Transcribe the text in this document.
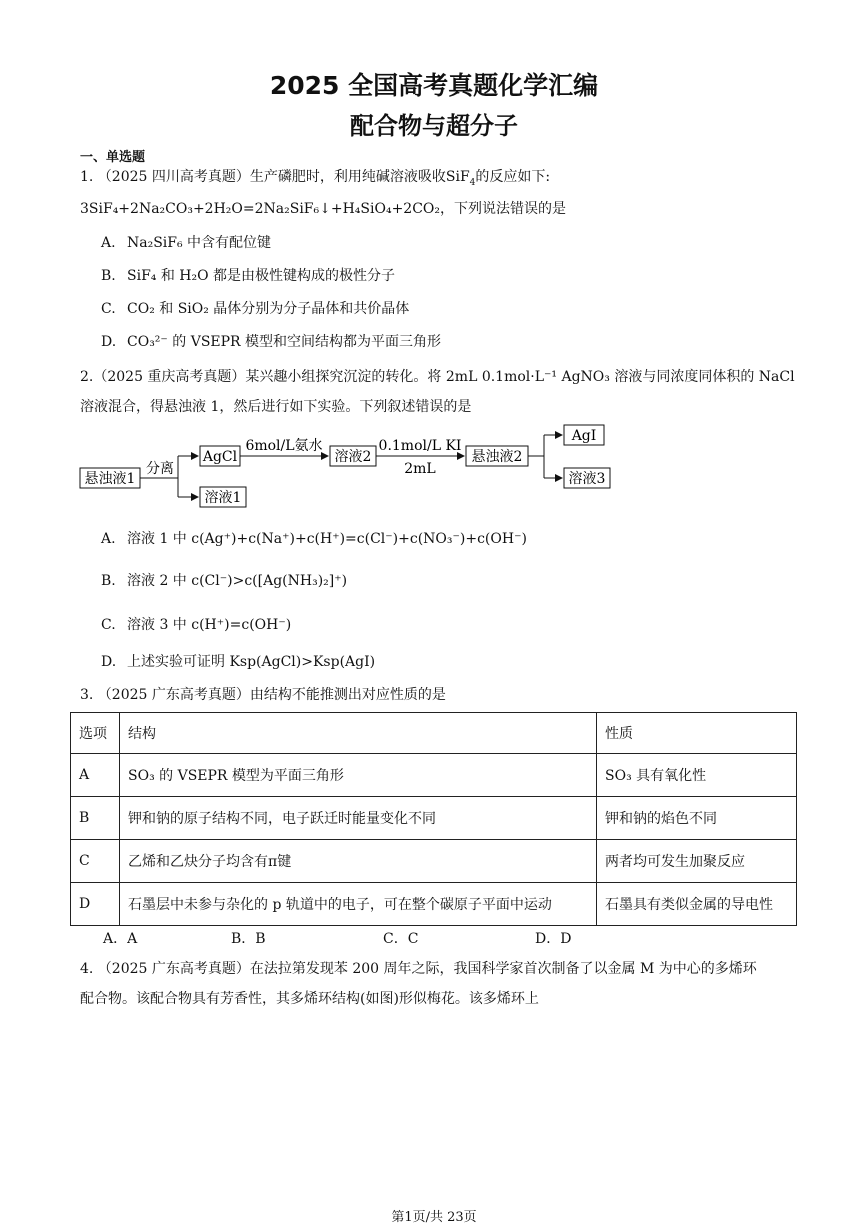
2025 全国高考真题化学汇编
配合物与超分子
一、单选题
1. （2025 四川高考真题）生产磷肥时，利用纯碱溶液吸收SiF$_4$的反应如下:
3SiF₄+2Na₂CO₃+2H₂O=2Na₂SiF₆↓+H₄SiO₄+2CO₂，下列说法错误的是
A. Na₂SiF₆ 中含有配位键
B. SiF₄ 和 H₂O 都是由极性键构成的极性分子
C. CO₂ 和 SiO₂ 晶体分别为分子晶体和共价晶体
D. CO₃²⁻ 的 VSEPR 模型和空间结构都为平面三角形
2.（2025 重庆高考真题）某兴趣小组探究沉淀的转化。将 2mL 0.1mol·L⁻¹ AgNO₃ 溶液与同浓度同体积的 NaCl
溶液混合，得悬浊液 1，然后进行如下实验。下列叙述错误的是
悬浊液1
分离
AgCl
溶液1
6mol/L氨水
溶液2
0.1mol/L KI
2mL
悬浊液2
AgI
溶液3
A. 溶液 1 中 c(Ag⁺)+c(Na⁺)+c(H⁺)=c(Cl⁻)+c(NO₃⁻)+c(OH⁻)
B. 溶液 2 中 c(Cl⁻)>c([Ag(NH₃)₂]⁺)
C. 溶液 3 中 c(H⁺)=c(OH⁻)
D. 上述实验可证明 Ksp(AgCl)>Ksp(AgI)
3. （2025 广东高考真题）由结构不能推测出对应性质的是
选项	结构	性质
A	SO₃ 的 VSEPR 模型为平面三角形	SO₃ 具有氧化性
B	钾和钠的原子结构不同，电子跃迁时能量变化不同	钾和钠的焰色不同
C	乙烯和乙炔分子均含有π键	两者均可发生加聚反应
D	石墨层中未参与杂化的 p 轨道中的电子，可在整个碳原子平面中运动	石墨具有类似金属的导电性
A．A	B．B	C．C	D．D
4. （2025 广东高考真题）在法拉第发现苯 200 周年之际，我国科学家首次制备了以金属 M 为中心的多烯环
配合物。该配合物具有芳香性，其多烯环结构(如图)形似梅花。该多烯环上
第1页/共 23页
